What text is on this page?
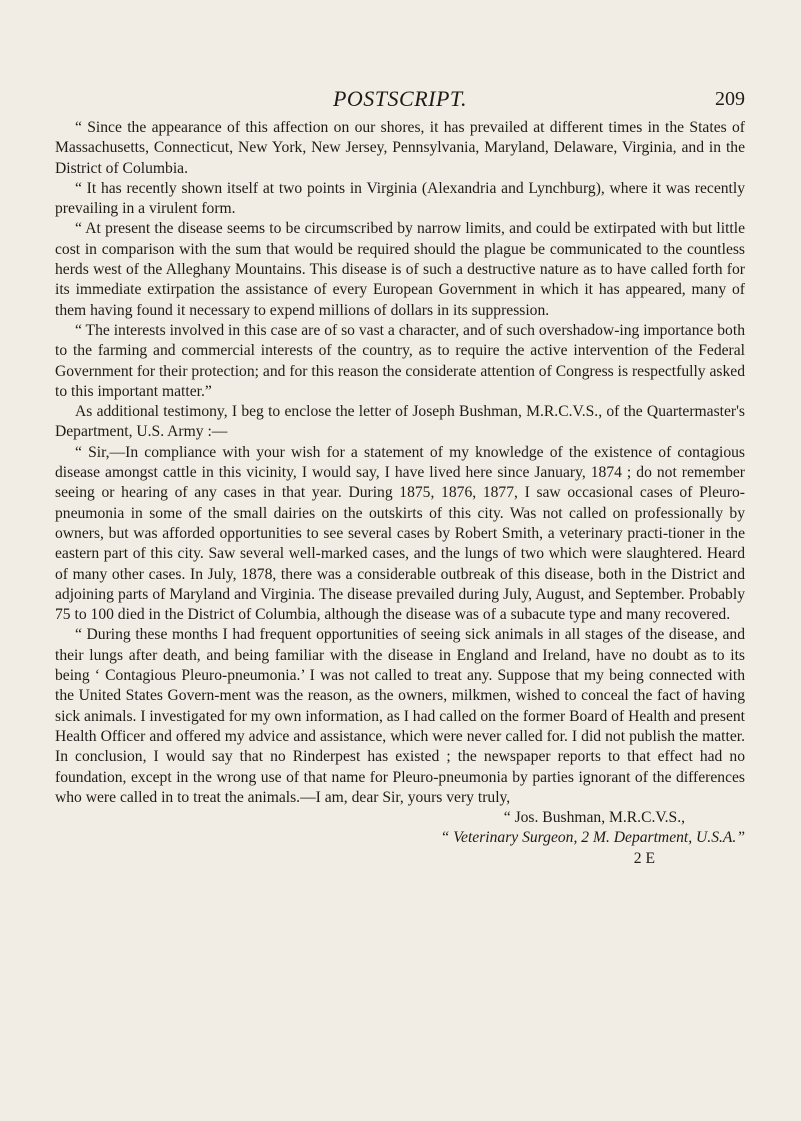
POSTSCRIPT.	209

“ Since the appearance of this affection on our shores, it has prevailed at different times in the States of Massachusetts, Connecticut, New York, New Jersey, Pennsylvania, Maryland, Delaware, Virginia, and in the District of Columbia.

“ It has recently shown itself at two points in Virginia (Alexandria and Lynchburg), where it was recently prevailing in a virulent form.

“ At present the disease seems to be circumscribed by narrow limits, and could be extirpated with but little cost in comparison with the sum that would be required should the plague be communicated to the countless herds west of the Alleghany Mountains. This disease is of such a destructive nature as to have called forth for its immediate extirpation the assistance of every European Government in which it has appeared, many of them having found it necessary to expend millions of dollars in its suppression.

“ The interests involved in this case are of so vast a character, and of such overshadow-ing importance both to the farming and commercial interests of the country, as to require the active intervention of the Federal Government for their protection; and for this reason the considerate attention of Congress is respectfully asked to this important matter.”

As additional testimony, I beg to enclose the letter of Joseph Bushman, M.R.C.V.S., of the Quartermaster's Department, U.S. Army :—

“ Sir,—In compliance with your wish for a statement of my knowledge of the existence of contagious disease amongst cattle in this vicinity, I would say, I have lived here since January, 1874 ; do not remember seeing or hearing of any cases in that year. During 1875, 1876, 1877, I saw occasional cases of Pleuro-pneumonia in some of the small dairies on the outskirts of this city. Was not called on professionally by owners, but was afforded opportunities to see several cases by Robert Smith, a veterinary practi-tioner in the eastern part of this city. Saw several well-marked cases, and the lungs of two which were slaughtered. Heard of many other cases. In July, 1878, there was a considerable outbreak of this disease, both in the District and adjoining parts of Maryland and Virginia. The disease prevailed during July, August, and September. Probably 75 to 100 died in the District of Columbia, although the disease was of a subacute type and many recovered.

“ During these months I had frequent opportunities of seeing sick animals in all stages of the disease, and their lungs after death, and being familiar with the disease in England and Ireland, have no doubt as to its being ‘ Contagious Pleuro-pneumonia.’ I was not called to treat any. Suppose that my being connected with the United States Govern-ment was the reason, as the owners, milkmen, wished to conceal the fact of having sick animals. I investigated for my own information, as I had called on the former Board of Health and present Health Officer and offered my advice and assistance, which were never called for. I did not publish the matter. In conclusion, I would say that no Rinderpest has existed ; the newspaper reports to that effect had no foundation, except in the wrong use of that name for Pleuro-pneumonia by parties ignorant of the differences who were called in to treat the animals.—I am, dear Sir, yours very truly,

“ Jos. Bushman, M.R.C.V.S.,

“ Veterinary Surgeon, 2 M. Department, U.S.A.”

2 E
